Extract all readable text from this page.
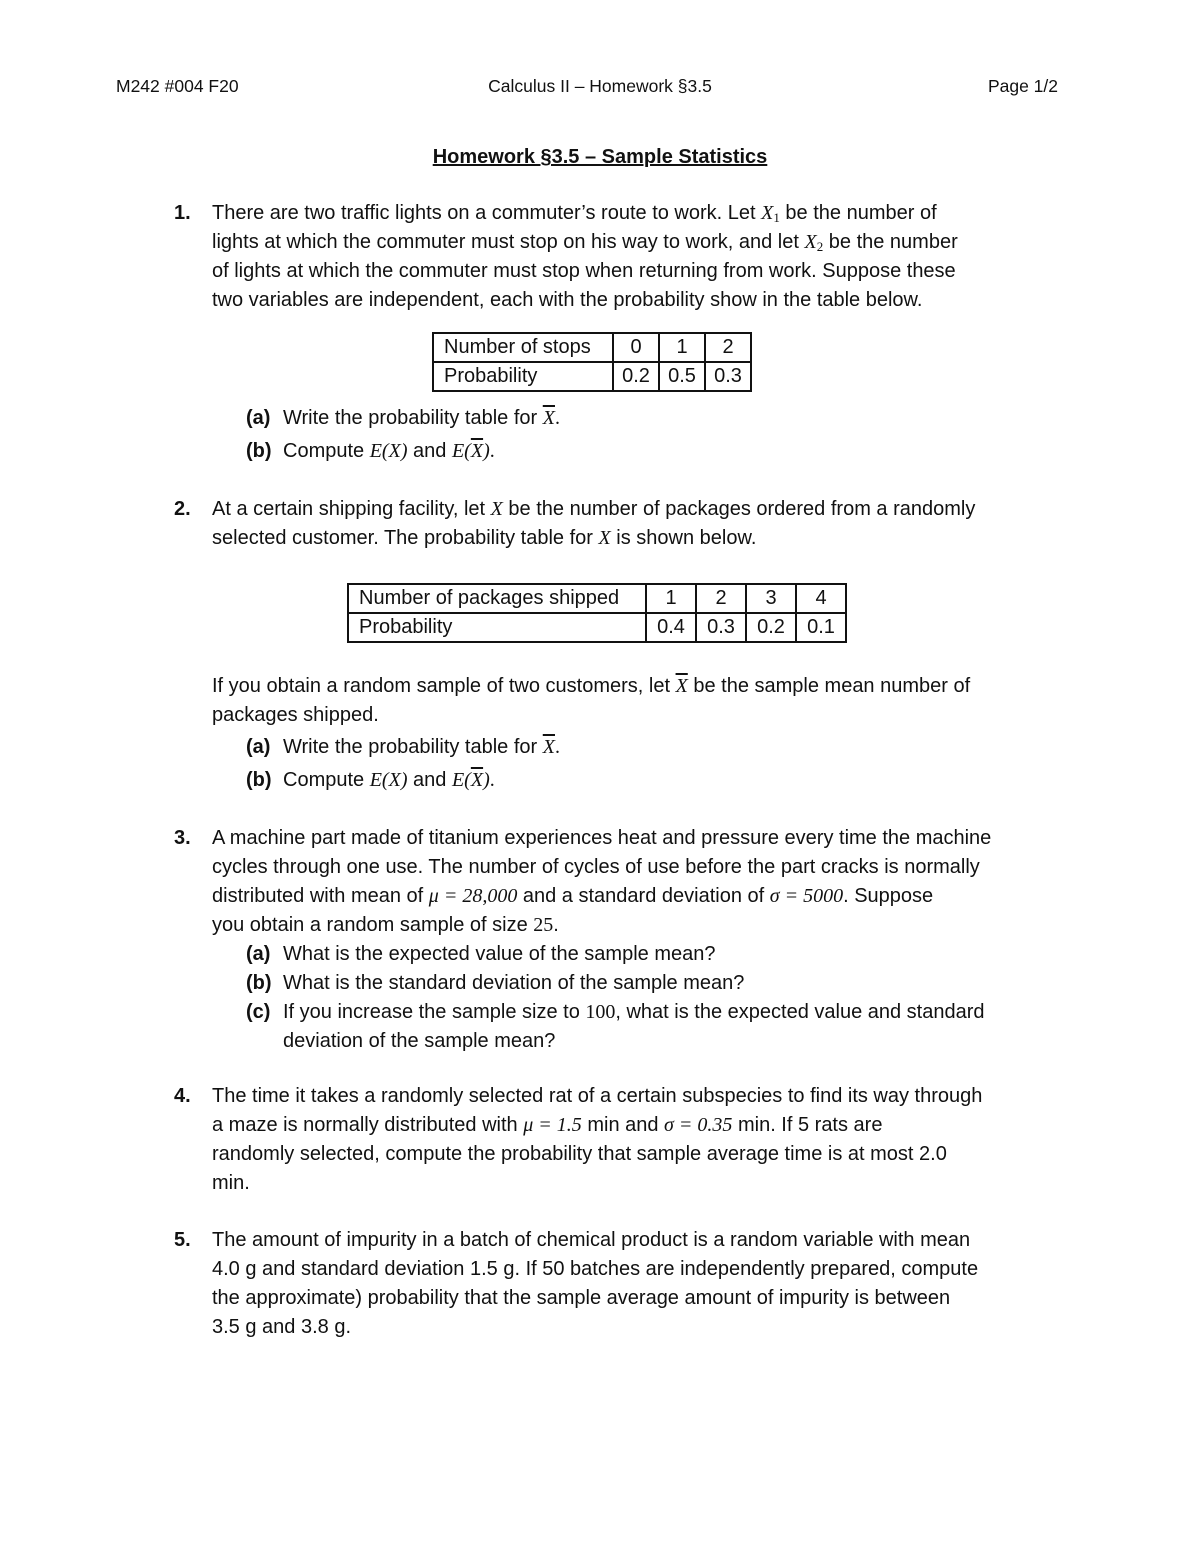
M242 #004 F20	Calculus II – Homework §3.5	Page 1/2
Homework §3.5 – Sample Statistics
1. There are two traffic lights on a commuter’s route to work. Let $X_1$ be the number of
lights at which the commuter must stop on his way to work, and let $X_2$ be the number
of lights at which the commuter must stop when returning from work. Suppose these
two variables are independent, each with the probability show in the table below.
Number of stops	0	1	2
Probability	0.2	0.5	0.3
(a) Write the probability table for $\overline{X}$.
(b) Compute E(X) and $E(\overline{X})$.
2. At a certain shipping facility, let X be the number of packages ordered from a randomly
selected customer. The probability table for X is shown below.
Number of packages shipped	1	2	3	4
Probability	0.4	0.3	0.2	0.1
If you obtain a random sample of two customers, let $\overline{X}$ be the sample mean number of
packages shipped.
(a) Write the probability table for $\overline{X}$.
(b) Compute E(X) and $E(\overline{X})$.
3. A machine part made of titanium experiences heat and pressure every time the machine
cycles through one use. The number of cycles of use before the part cracks is normally
distributed with mean of μ = 28,000 and a standard deviation of σ = 5000. Suppose
you obtain a random sample of size 25.
(a) What is the expected value of the sample mean?
(b) What is the standard deviation of the sample mean?
(c) If you increase the sample size to 100, what is the expected value and standard
deviation of the sample mean?
4. The time it takes a randomly selected rat of a certain subspecies to find its way through
a maze is normally distributed with μ = 1.5 min and σ = 0.35 min. If 5 rats are
randomly selected, compute the probability that sample average time is at most 2.0
min.
5. The amount of impurity in a batch of chemical product is a random variable with mean
4.0 g and standard deviation 1.5 g. If 50 batches are independently prepared, compute
the approximate) probability that the sample average amount of impurity is between
3.5 g and 3.8 g.
